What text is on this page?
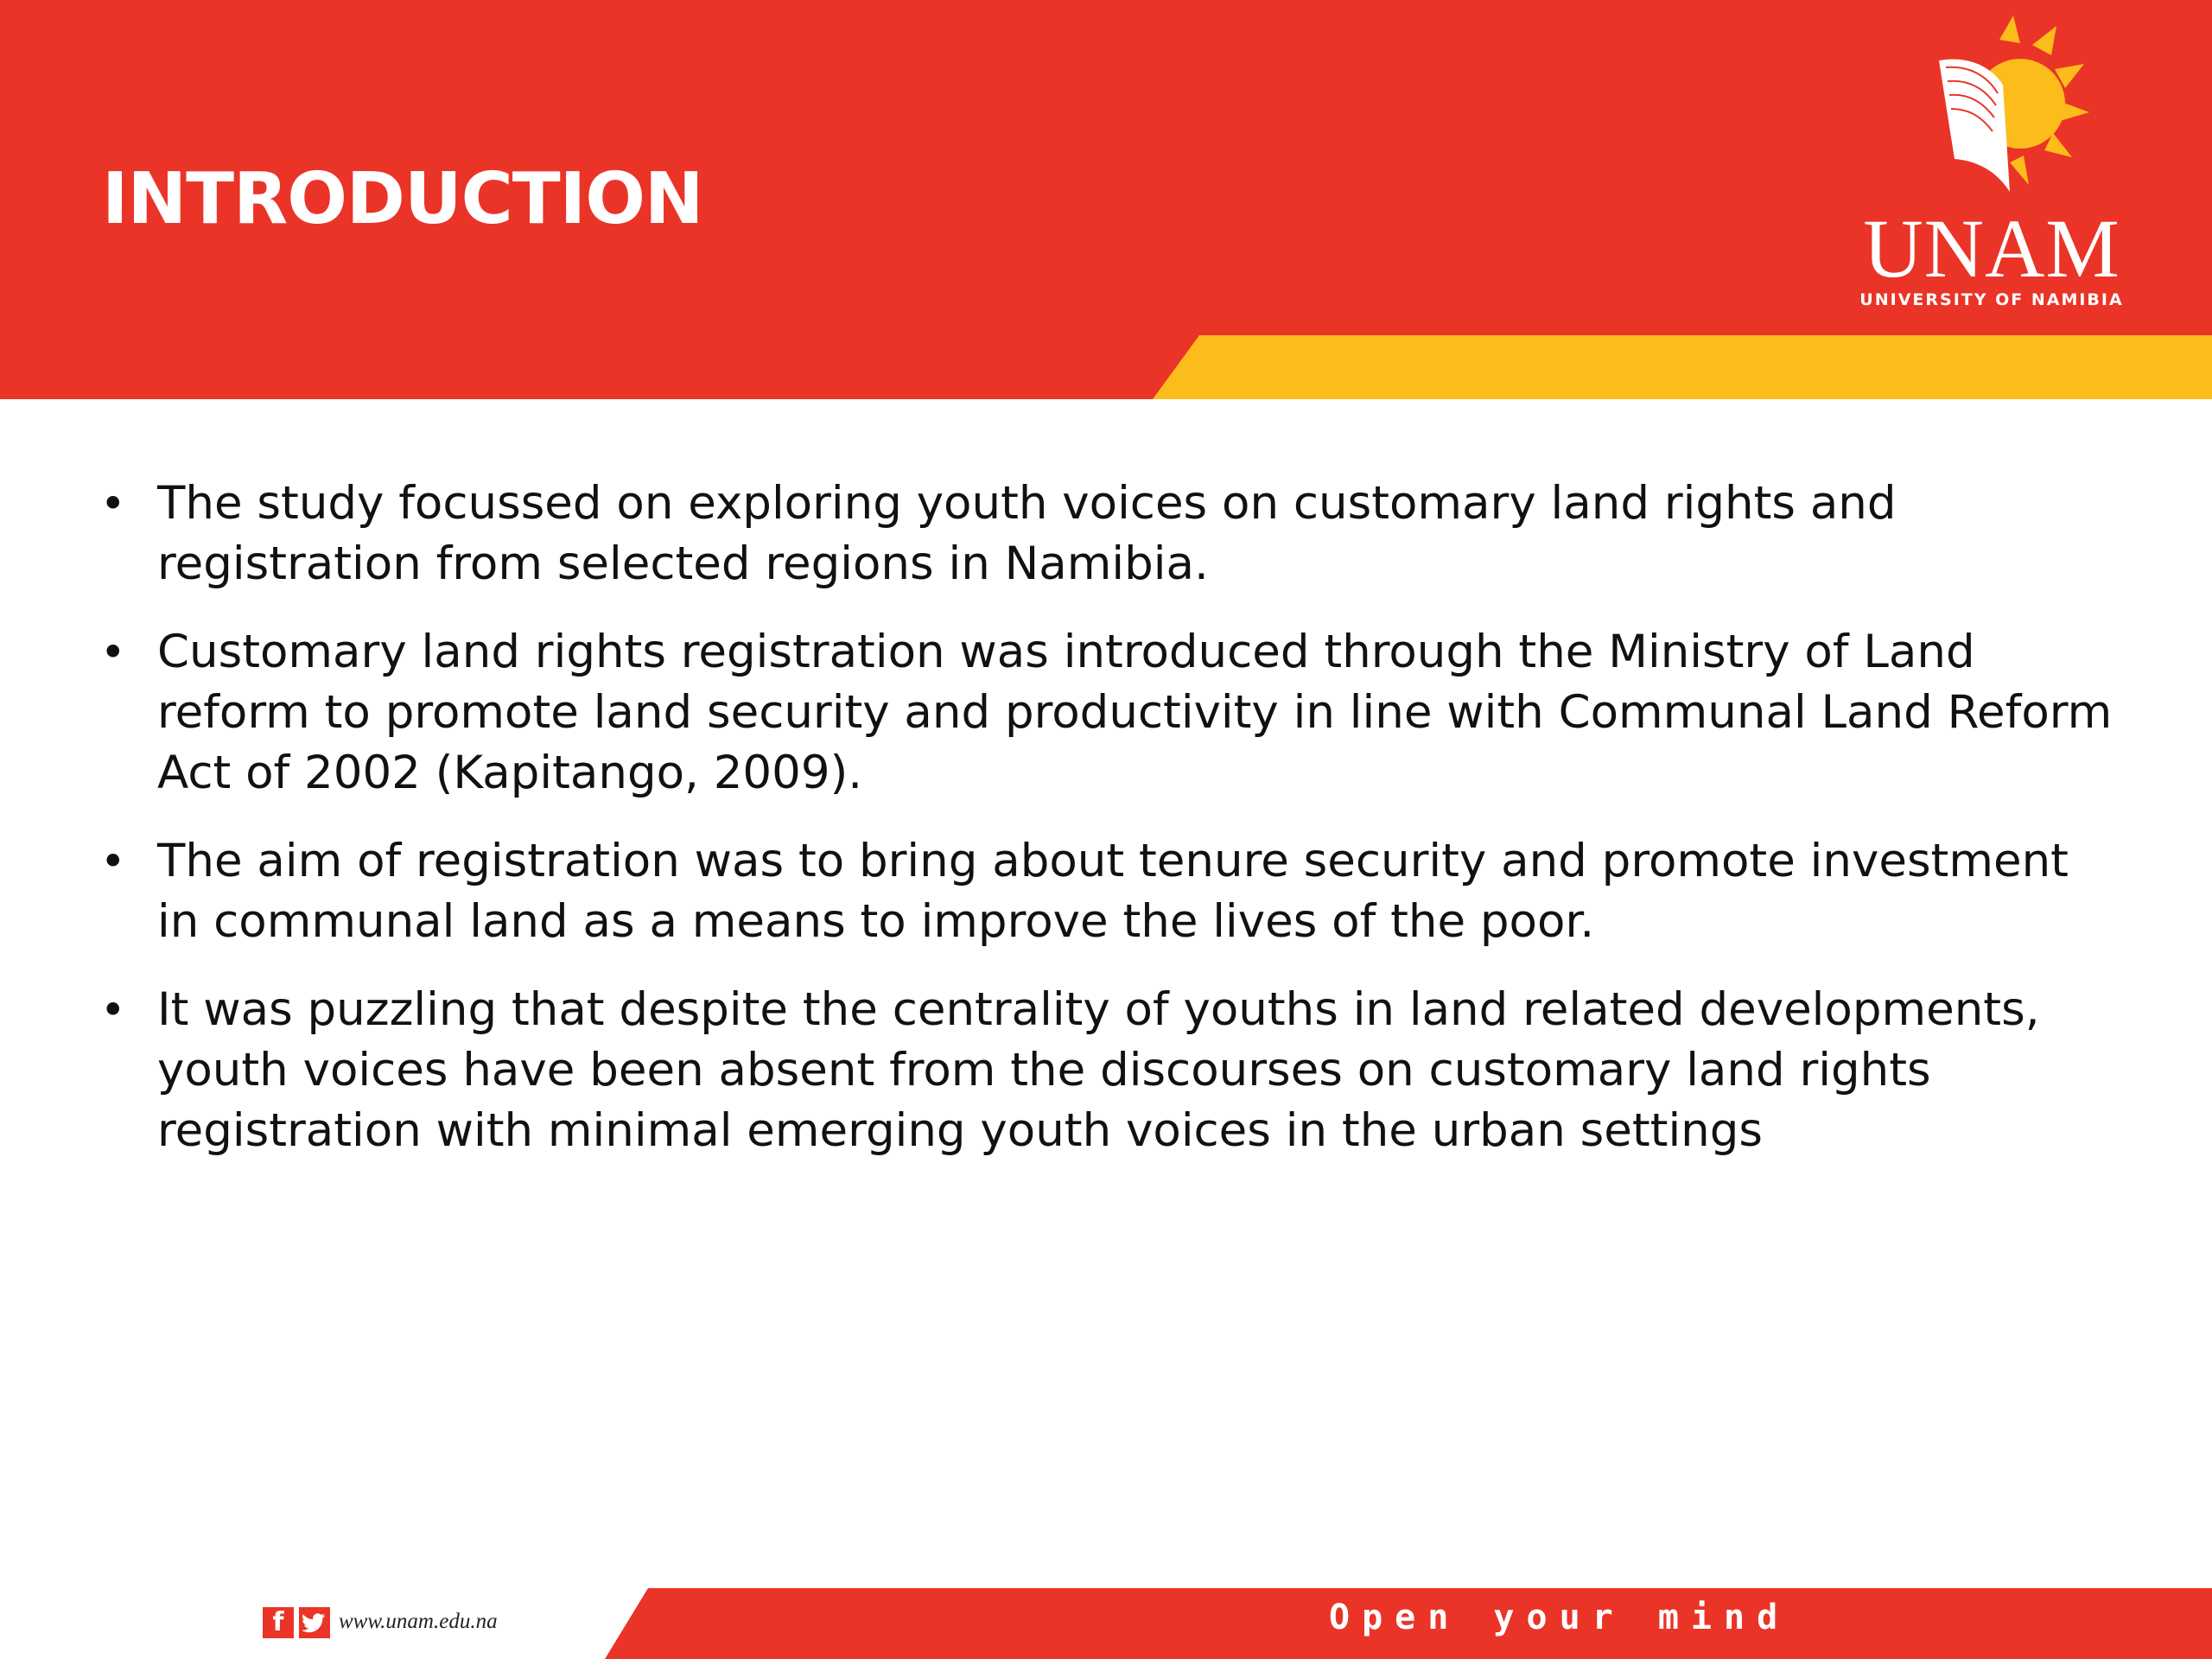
INTRODUCTION
UNAM
UNIVERSITY OF NAMIBIA
• The study focussed on exploring youth voices on customary land rights and registration from selected regions in Namibia.
• Customary land rights registration was introduced through the Ministry of Land reform to promote land security and productivity in line with Communal Land Reform Act of 2002 (Kapitango, 2009).
• The aim of registration was to bring about tenure security and promote investment in communal land as a means to improve the lives of the poor.
• It was puzzling that despite the centrality of youths in land related developments, youth voices have been absent from the discourses on customary land rights registration with minimal emerging youth voices in the urban settings
f	www.unam.edu.na	Open your mind
